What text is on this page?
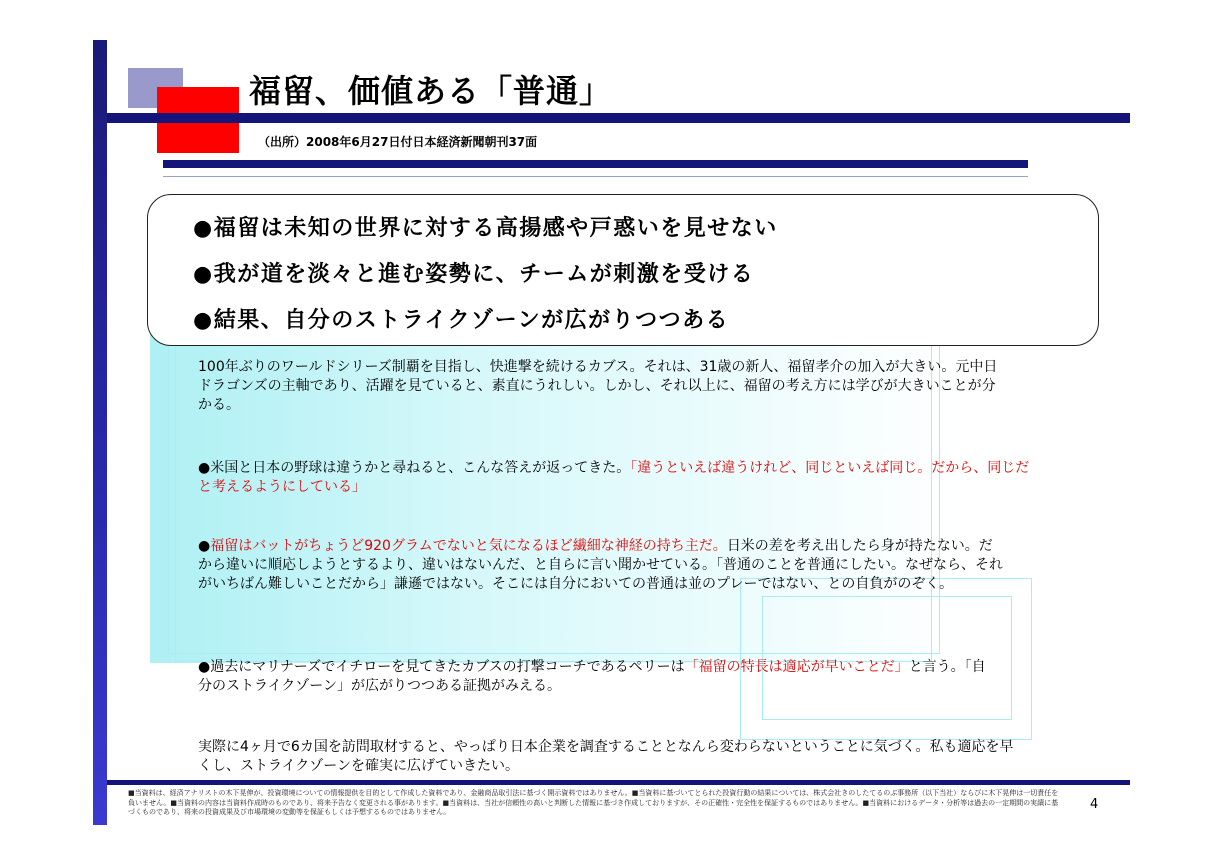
福留、価値ある「普通」
（出所）2008年6月27日付日本経済新聞朝刊37面
●福留は未知の世界に対する高揚感や戸惑いを見せない
●我が道を淡々と進む姿勢に、チームが刺激を受ける
●結果、自分のストライクゾーンが広がりつつある
100年ぶりのワールドシリーズ制覇を目指し、快進撃を続けるカブス。それは、31歳の新人、福留孝介の加入が大きい。元中日ドラゴンズの主軸であり、活躍を見ていると、素直にうれしい。しかし、それ以上に、福留の考え方には学びが大きいことが分かる。
●米国と日本の野球は違うかと尋ねると、こんな答えが返ってきた。「違うといえば違うけれど、同じといえば同じ。だから、同じだと考えるようにしている」
●福留はバットがちょうど920グラムでないと気になるほど繊細な神経の持ち主だ。日米の差を考え出したら身が持たない。だから違いに順応しようとするより、違いはないんだ、と自らに言い聞かせている。「普通のことを普通にしたい。なぜなら、それがいちばん難しいことだから」謙遜ではない。そこには自分においての普通は並のプレーではない、との自負がのぞく。
●過去にマリナーズでイチローを見てきたカブスの打撃コーチであるペリーは「福留の特長は適応が早いことだ」と言う。「自分のストライクゾーン」が広がりつつある証拠がみえる。
実際に4ヶ月で6カ国を訪問取材すると、やっぱり日本企業を調査することとなんら変わらないということに気づく。私も適応を早くし、ストライクゾーンを確実に広げていきたい。
■当資料は、経済アナリストの木下晃伸が、投資環境についての情報提供を目的として作成した資料であり、金融商品取引法に基づく開示資料ではありません。■当資料に基づいてとられた投資行動の結果については、株式会社きのしたてるのぶ事務所（以下当社）ならびに木下晃伸は一切責任を負いません。■当資料の内容は当資料作成時のものであり、将来予告なく変更される事があります。■当資料は、当社が信頼性の高いと判断した情報に基づき作成しておりますが、その正確性・完全性を保証するものではありません。■当資料におけるデータ・分析等は過去の一定期間の実績に基づくものであり、将来の投資成果及び市場環境の変動等を保証もしくは予想するものではありません。	4
